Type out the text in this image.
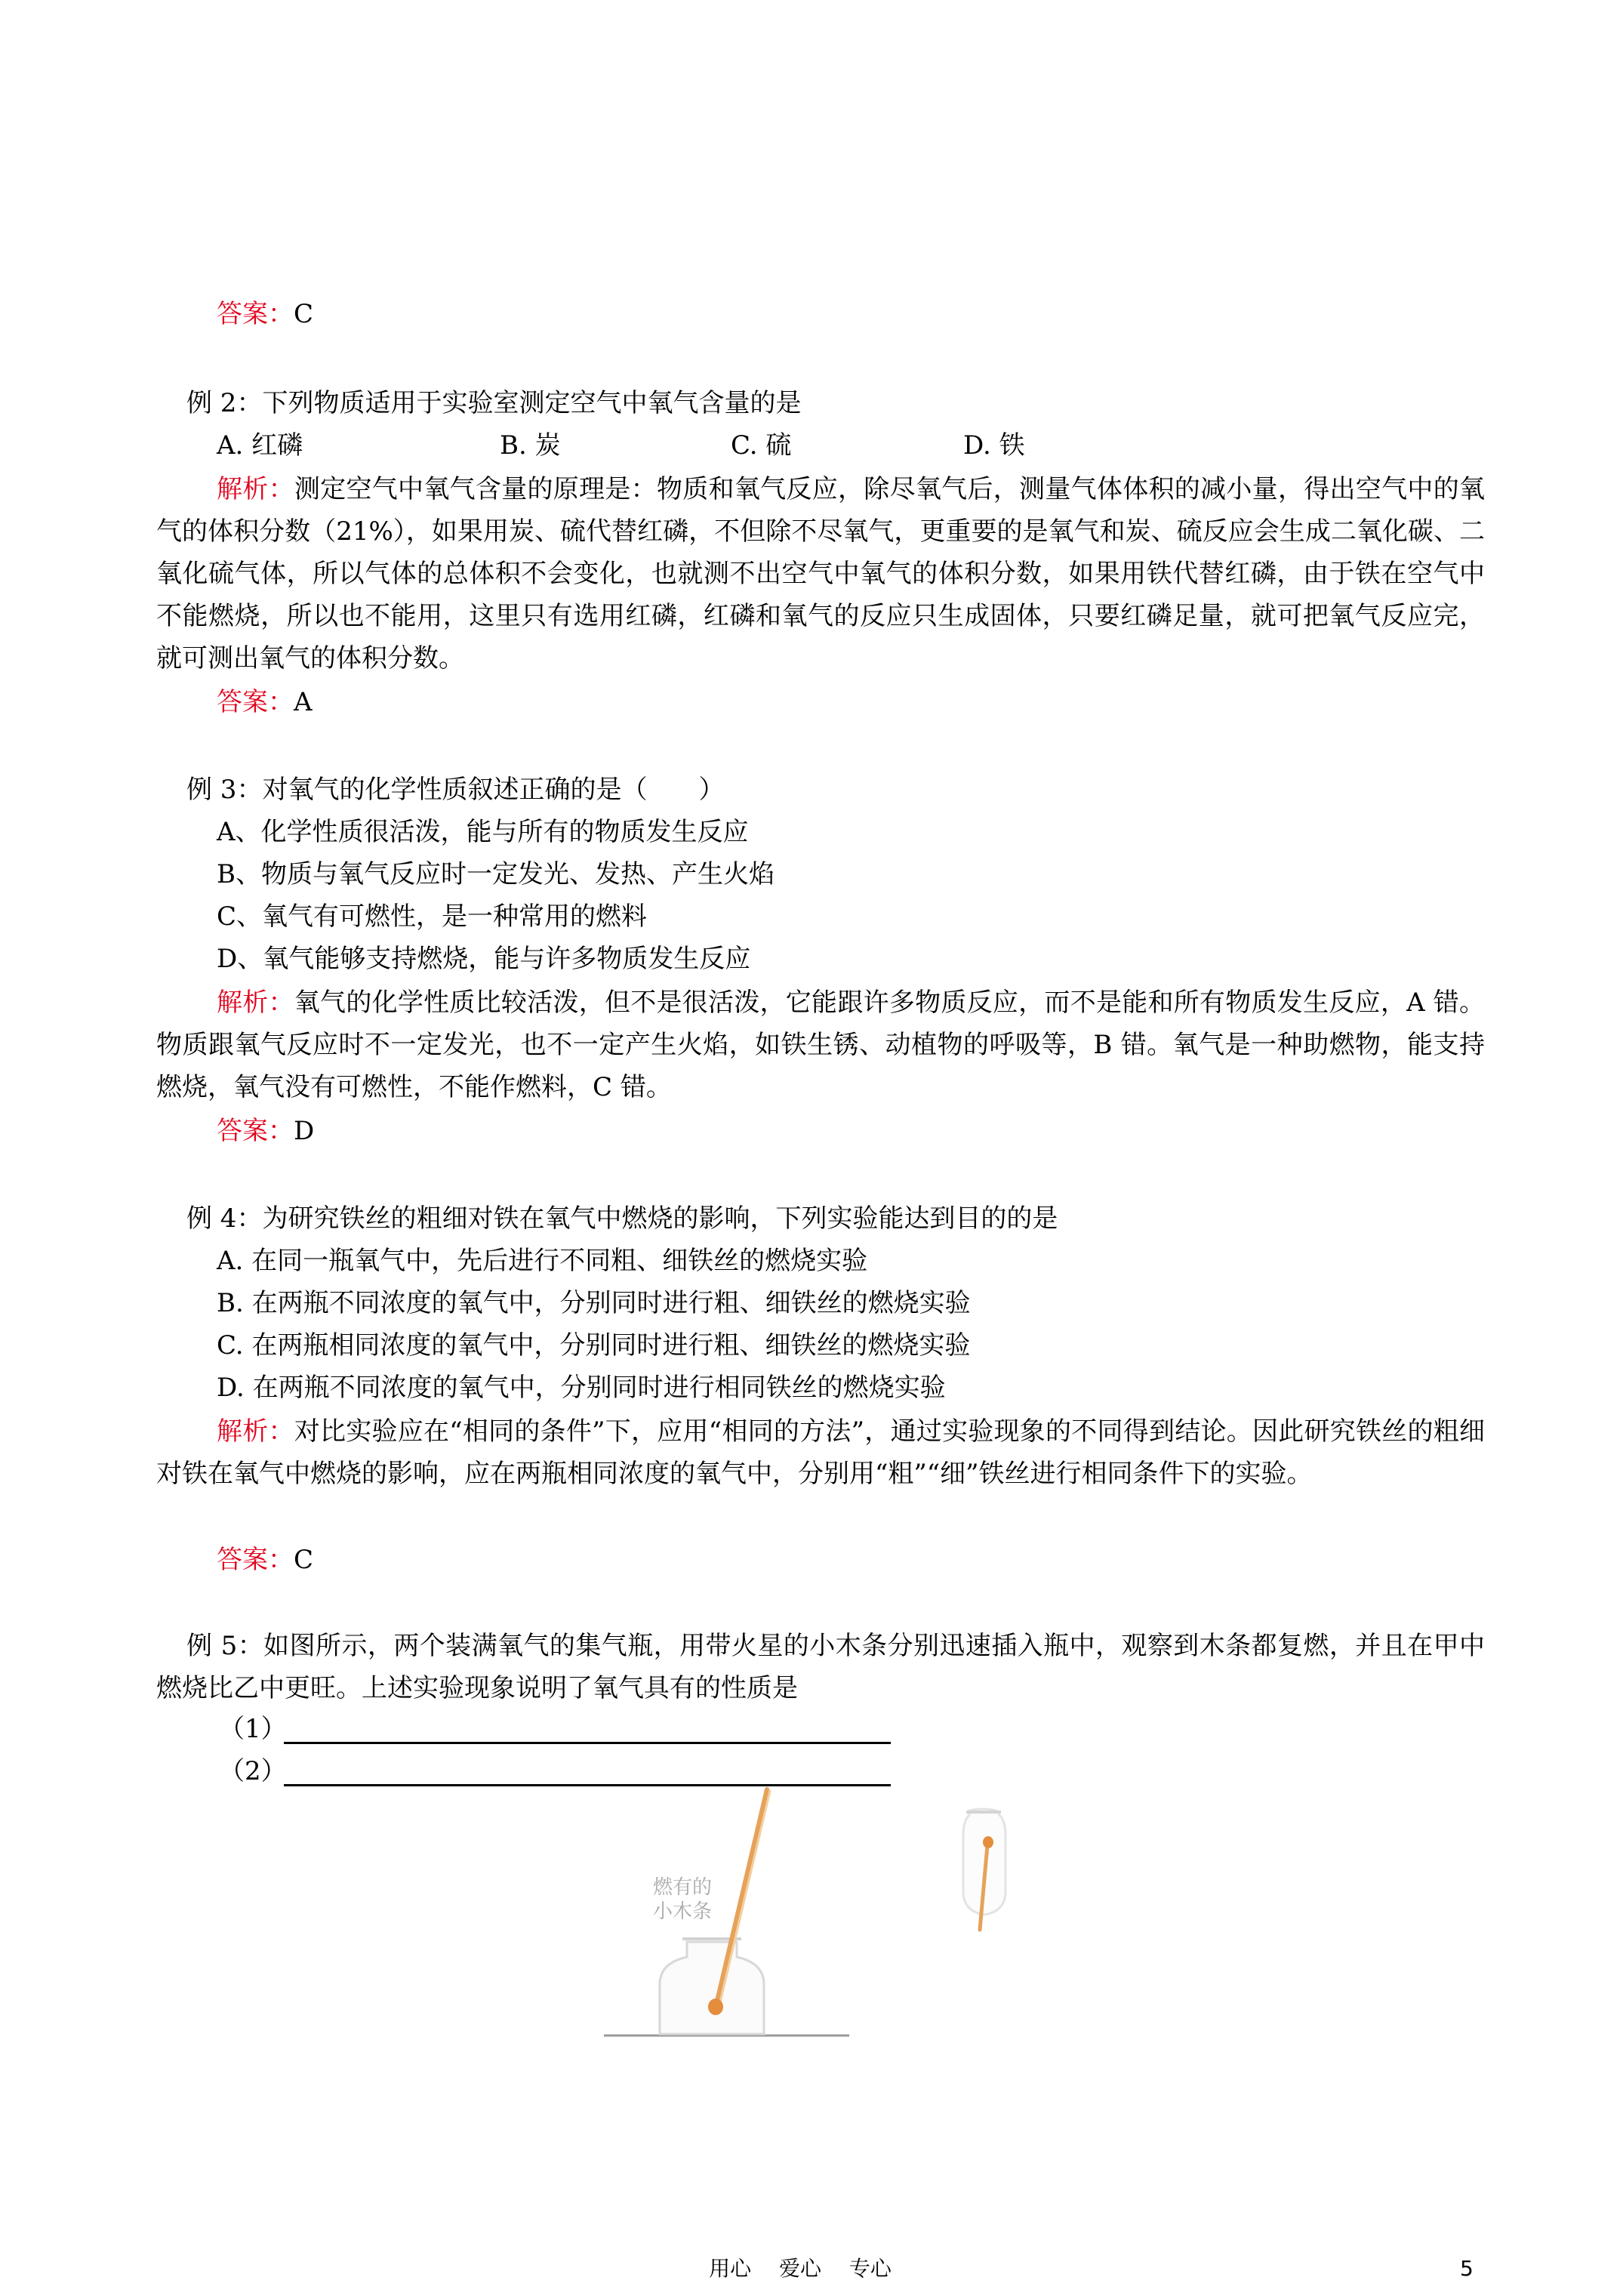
答案：C
例 2：下列物质适用于实验室测定空气中氧气含量的是
A. 红磷	B. 炭	C. 硫	D. 铁
解析：测定空气中氧气含量的原理是：物质和氧气反应，除尽氧气后，测量气体体积的减小量，得出空气中的氧气的体积分数（21%），如果用炭、硫代替红磷，不但除不尽氧气，更重要的是氧气和炭、硫反应会生成二氧化碳、二氧化硫气体，所以气体的总体积不会变化，也就测不出空气中氧气的体积分数，如果用铁代替红磷，由于铁在空气中不能燃烧，所以也不能用，这里只有选用红磷，红磷和氧气的反应只生成固体，只要红磷足量，就可把氧气反应完，就可测出氧气的体积分数。
答案：A
例 3：对氧气的化学性质叙述正确的是（　　）
A、化学性质很活泼，能与所有的物质发生反应
B、物质与氧气反应时一定发光、发热、产生火焰
C、氧气有可燃性，是一种常用的燃料
D、氧气能够支持燃烧，能与许多物质发生反应
解析：氧气的化学性质比较活泼，但不是很活泼，它能跟许多物质反应，而不是能和所有物质发生反应，A 错。物质跟氧气反应时不一定发光，也不一定产生火焰，如铁生锈、动植物的呼吸等，B 错。氧气是一种助燃物，能支持燃烧，氧气没有可燃性，不能作燃料，C 错。
答案：D
例 4：为研究铁丝的粗细对铁在氧气中燃烧的影响，下列实验能达到目的的是
A. 在同一瓶氧气中，先后进行不同粗、细铁丝的燃烧实验
B. 在两瓶不同浓度的氧气中，分别同时进行粗、细铁丝的燃烧实验
C. 在两瓶相同浓度的氧气中，分别同时进行粗、细铁丝的燃烧实验
D. 在两瓶不同浓度的氧气中，分别同时进行相同铁丝的燃烧实验
解析：对比实验应在“相同的条件”下，应用“相同的方法”，通过实验现象的不同得到结论。因此研究铁丝的粗细对铁在氧气中燃烧的影响，应在两瓶相同浓度的氧气中，分别用“粗”“细”铁丝进行相同条件下的实验。
答案：C
例 5：如图所示，两个装满氧气的集气瓶，用带火星的小木条分别迅速插入瓶中，观察到木条都复燃，并且在甲中燃烧比乙中更旺。上述实验现象说明了氧气具有的性质是
（1）
（2）
燃有的
小木条
用心 爱心 专心	5
